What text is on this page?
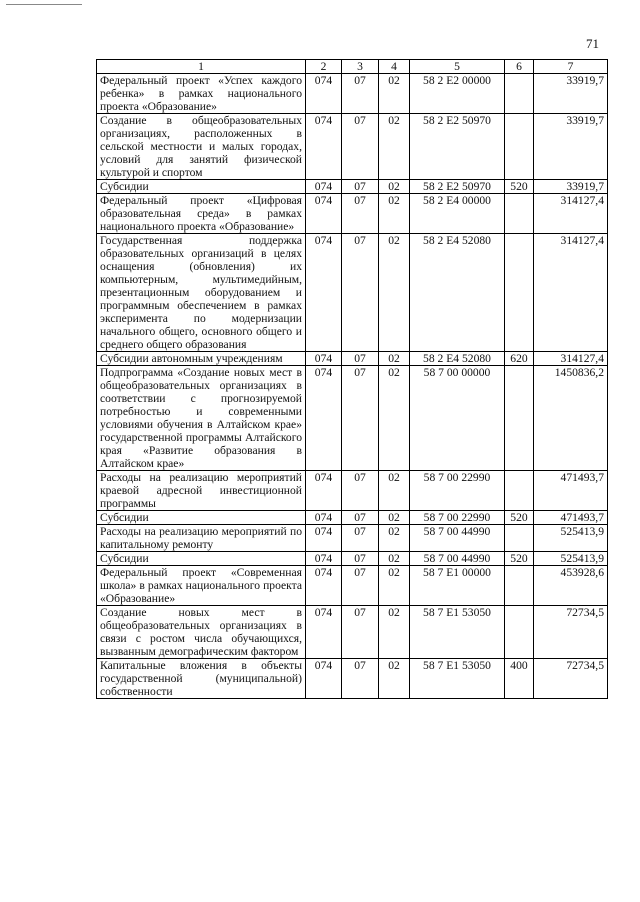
71
1	2	3	4	5	6	7
Федеральный проект «Успех каждого ребенка» в рамках национального проекта «Образование»	074	07	02	58 2 E2 00000		33919,7
Создание в общеобразовательных организациях, расположенных в сельской местности и малых городах, условий для занятий физической культурой и спортом	074	07	02	58 2 E2 50970		33919,7
Субсидии	074	07	02	58 2 E2 50970	520	33919,7
Федеральный проект «Цифровая образовательная среда» в рамках национального проекта «Образование»	074	07	02	58 2 E4 00000		314127,4
Государственная поддержка образовательных организаций в целях оснащения (обновления) их компьютерным, мультимедийным, презентационным оборудованием и программным обеспечением в рамках эксперимента по модернизации начального общего, основного общего и среднего общего образования	074	07	02	58 2 E4 52080		314127,4
Субсидии автономным учреждениям	074	07	02	58 2 E4 52080	620	314127,4
Подпрограмма «Создание новых мест в общеобразовательных организациях в соответствии с прогнозируемой потребностью и современными условиями обучения в Алтайском крае» государственной программы Алтайского края «Развитие образования в Алтайском крае»	074	07	02	58 7 00 00000		1450836,2
Расходы на реализацию мероприятий краевой адресной инвестиционной программы	074	07	02	58 7 00 22990		471493,7
Субсидии	074	07	02	58 7 00 22990	520	471493,7
Расходы на реализацию мероприятий по капитальному ремонту	074	07	02	58 7 00 44990		525413,9
Субсидии	074	07	02	58 7 00 44990	520	525413,9
Федеральный проект «Современная школа» в рамках национального проекта «Образование»	074	07	02	58 7 E1 00000		453928,6
Создание новых мест в общеобразовательных организациях в связи с ростом числа обучающихся, вызванным демографическим фактором	074	07	02	58 7 E1 53050		72734,5
Капитальные вложения в объекты государственной (муниципальной) собственности	074	07	02	58 7 E1 53050	400	72734,5
